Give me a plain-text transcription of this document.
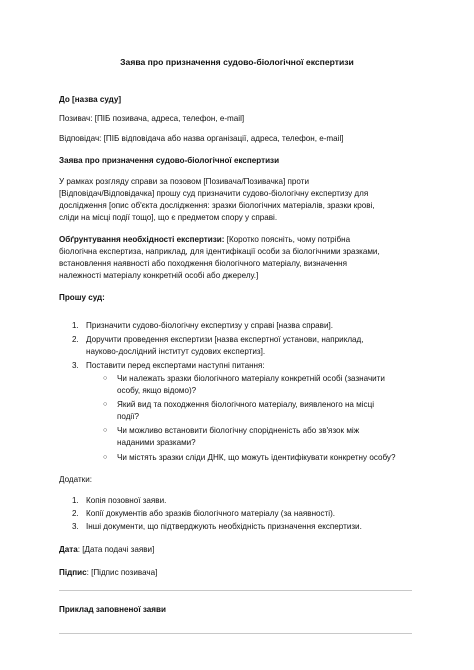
Заява про призначення судово-біологічної експертизи
До [назва суду]
Позивач: [ПІБ позивача, адреса, телефон, e-mail]
Відповідач: [ПІБ відповідача або назва організації, адреса, телефон, e-mail]
Заява про призначення судово-біологічної експертизи
У рамках розгляду справи за позовом [Позивача/Позивачка] проти
[Відповідач/Відповідачка] прошу суд призначити судово-біологічну експертизу для
дослідження [опис об'єкта дослідження: зразки біологічних матеріалів, зразки крові,
сліди на місці події тощо], що є предметом спору у справі.
Обґрунтування необхідності експертизи: [Коротко поясніть, чому потрібна
біологічна експертиза, наприклад, для ідентифікації особи за біологічними зразками,
встановлення наявності або походження біологічного матеріалу, визначення
належності матеріалу конкретній особі або джерелу.]
Прошу суд:
1. Призначити судово-біологічну експертизу у справі [назва справи].
2. Доручити проведення експертизи [назва експертної установи, наприклад,
науково-дослідний інститут судових експертиз].
3. Поставити перед експертами наступні питання:
○ Чи належать зразки біологічного матеріалу конкретній особі (зазначити
особу, якщо відомо)?
○ Який вид та походження біологічного матеріалу, виявленого на місці
події?
○ Чи можливо встановити біологічну спорідненість або зв'язок між
наданими зразками?
○ Чи містять зразки сліди ДНК, що можуть ідентифікувати конкретну особу?
Додатки:
1. Копія позовної заяви.
2. Копії документів або зразків біологічного матеріалу (за наявності).
3. Інші документи, що підтверджують необхідність призначення експертизи.
Дата: [Дата подачі заяви]
Підпис: [Підпис позивача]
Приклад заповненої заяви
